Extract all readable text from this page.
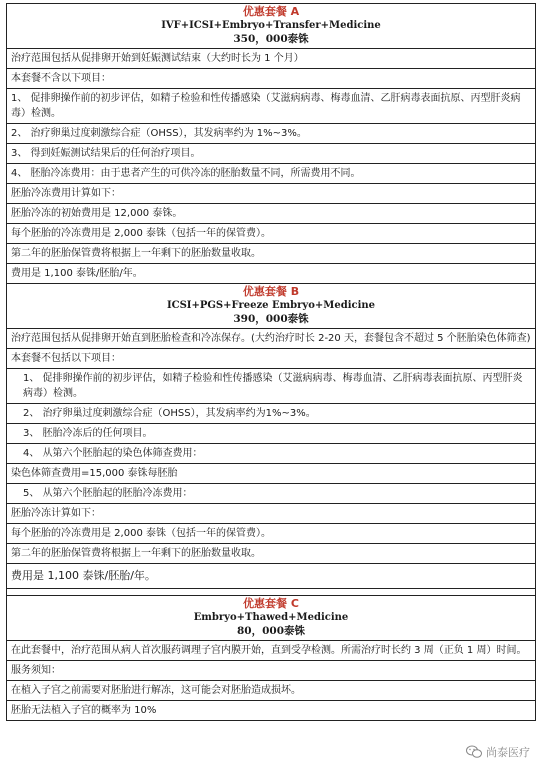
优惠套餐 A
IVF+ICSI+Embryo+Transfer+Medicine
350，000泰铢
治疗范围包括从促排卵开始到妊娠测试结束（大约时长为 1 个月）
本套餐不含以下项目：
1、 促排卵操作前的初步评估，如精子检验和性传播感染（艾滋病病毒、梅毒血清、乙肝病毒表面抗原、丙型肝炎病毒）检测。
2、 治疗卵巢过度刺激综合症（OHSS），其发病率约为 1%~3%。
3、 得到妊娠测试结果后的任何治疗项目。
4、 胚胎冷冻费用：由于患者产生的可供冷冻的胚胎数量不同，所需费用不同。
胚胎冷冻费用计算如下：
胚胎冷冻的初始费用是 12,000 泰铢。
每个胚胎的冷冻费用是 2,000 泰铢（包括一年的保管费）。
第二年的胚胎保管费将根据上一年剩下的胚胎数量收取。
费用是 1,100 泰铢/胚胎/年。
优惠套餐 B
ICSI+PGS+Freeze Embryo+Medicine
390，000泰铢
治疗范围包括从促排卵开始直到胚胎检查和冷冻保存。(大约治疗时长 2-20 天，套餐包含不超过 5 个胚胎染色体筛查)
本套餐不包括以下项目：
1、 促排卵操作前的初步评估，如精子检验和性传播感染（艾滋病病毒、梅毒血清、乙肝病毒表面抗原、丙型肝炎病毒）检测。
2、 治疗卵巢过度刺激综合症（OHSS），其发病率约为1%~3%。
3、 胚胎冷冻后的任何项目。
4、 从第六个胚胎起的染色体筛查费用：
染色体筛查费用=15,000 泰铢每胚胎
5、 从第六个胚胎起的胚胎冷冻费用：
胚胎冷冻计算如下：
每个胚胎的冷冻费用是 2,000 泰铢（包括一年的保管费）。
第二年的胚胎保管费将根据上一年剩下的胚胎数量收取。
费用是 1,100 泰铢/胚胎/年。
优惠套餐 C
Embryo+Thawed+Medicine
80，000泰铢
在此套餐中，治疗范围从病人首次服药调理子宫内膜开始，直到受孕检测。所需治疗时长约 3 周（正负 1 周）时间。
服务须知：
在植入子宫之前需要对胚胎进行解冻，这可能会对胚胎造成损坏。
胚胎无法植入子宫的概率为 10%
尚泰医疗
